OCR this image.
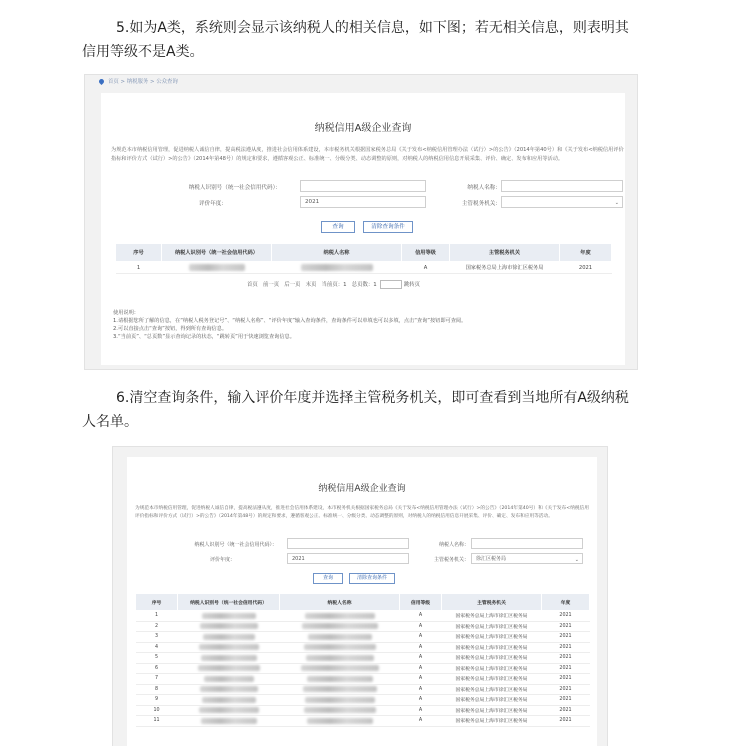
5.如为A类，系统则会显示该纳税人的相关信息，如下图；若无相关信息，则表明其信用等级不是A类。
首页 > 纳税服务 > 公众查询
纳税信用A级企业查询
为规范本市纳税信用管理，促进纳税人诚信自律，提高税法遵从度，推进社会信用体系建设，本市税务机关根据国家税务总局《关于发布<纳税信用管理办法（试行）>的公告》（2014年第40号）和《关于发布<纳税信用评价指标和评价方式（试行）>的公告》（2014年第48号）的规定和要求，遵循客观公正、标准统一、分级分类、动态调整的原则，对纳税人的纳税信用信息开展采集、评价、确定、发布和应用等活动。
纳税人识别号（统一社会信用代码）：	纳税人名称：
评价年度：	2021	主管税务机关：	⌄
查询	清除查询条件
序号	纳税人识别号（统一社会信用代码）	纳税人名称	信用等级	主管税务机关	年度
1			A	国家税务总局上海市徐汇区税务局	2021
首页 前一页 后一页 末页 当前页：1 总页数：1	跳转页
使用说明：
1.请根据您所了解的信息，在“纳税人税务登记号”、“纳税人名称”、“评价年度”输入查询条件，查询条件可以单填也可以多填，点击“查询”按钮即可查阅。
2.可以直接点击“查询”按钮，得到所有查询信息。
3.“当前页”、“总页数”显示查询记录的状态，“跳转页”用于快速浏览查询信息。
6.清空查询条件，输入评价年度并选择主管税务机关，即可查看到当地所有A级纳税人名单。
纳税信用A级企业查询
为规范本市纳税信用管理，促进纳税人诚信自律，提高税法遵从度，推进社会信用体系建设，本市税务机关根据国家税务总局《关于发布<纳税信用管理办法（试行）>的公告》（2014年第40号）和《关于发布<纳税信用评价指标和评价方式（试行）>的公告》（2014年第48号）的规定和要求，遵循客观公正、标准统一、分级分类、动态调整的原则，对纳税人的纳税信用信息开展采集、评价、确定、发布和应用等活动。
纳税人识别号（统一社会信用代码）：	纳税人名称：
评价年度：	2021	主管税务机关：	徐汇区税务局	⌄
查询	清除查询条件
序号	纳税人识别号（统一社会信用代码）	纳税人名称	信用等级	主管税务机关	年度
1			A	国家税务总局上海市徐汇区税务局	2021
2			A	国家税务总局上海市徐汇区税务局	2021
3			A	国家税务总局上海市徐汇区税务局	2021
4			A	国家税务总局上海市徐汇区税务局	2021
5			A	国家税务总局上海市徐汇区税务局	2021
6			A	国家税务总局上海市徐汇区税务局	2021
7			A	国家税务总局上海市徐汇区税务局	2021
8			A	国家税务总局上海市徐汇区税务局	2021
9			A	国家税务总局上海市徐汇区税务局	2021
10			A	国家税务总局上海市徐汇区税务局	2021
11			A	国家税务总局上海市徐汇区税务局	2021
